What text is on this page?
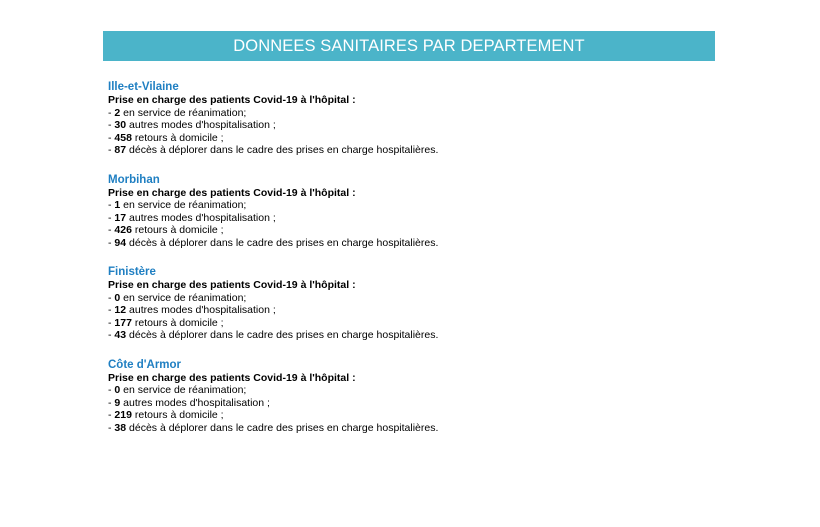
DONNEES SANITAIRES PAR DEPARTEMENT

Ille-et-Vilaine

Prise en charge des patients Covid-19 à l'hôpital :

- 2 en service de réanimation;

- 30 autres modes d'hospitalisation ;

- 458 retours à domicile ;

- 87 décès à déplorer dans le cadre des prises en charge hospitalières.

Morbihan

Prise en charge des patients Covid-19 à l'hôpital :

- 1 en service de réanimation;

- 17 autres modes d'hospitalisation ;

- 426 retours à domicile ;

- 94 décès à déplorer dans le cadre des prises en charge hospitalières.

Finistère

Prise en charge des patients Covid-19 à l'hôpital :

- 0 en service de réanimation;

- 12 autres modes d'hospitalisation ;

- 177 retours à domicile ;

- 43 décès à déplorer dans le cadre des prises en charge hospitalières.

Côte d'Armor

Prise en charge des patients Covid-19 à l'hôpital :

- 0 en service de réanimation;

- 9 autres modes d'hospitalisation ;

- 219 retours à domicile ;

- 38 décès à déplorer dans le cadre des prises en charge hospitalières.
